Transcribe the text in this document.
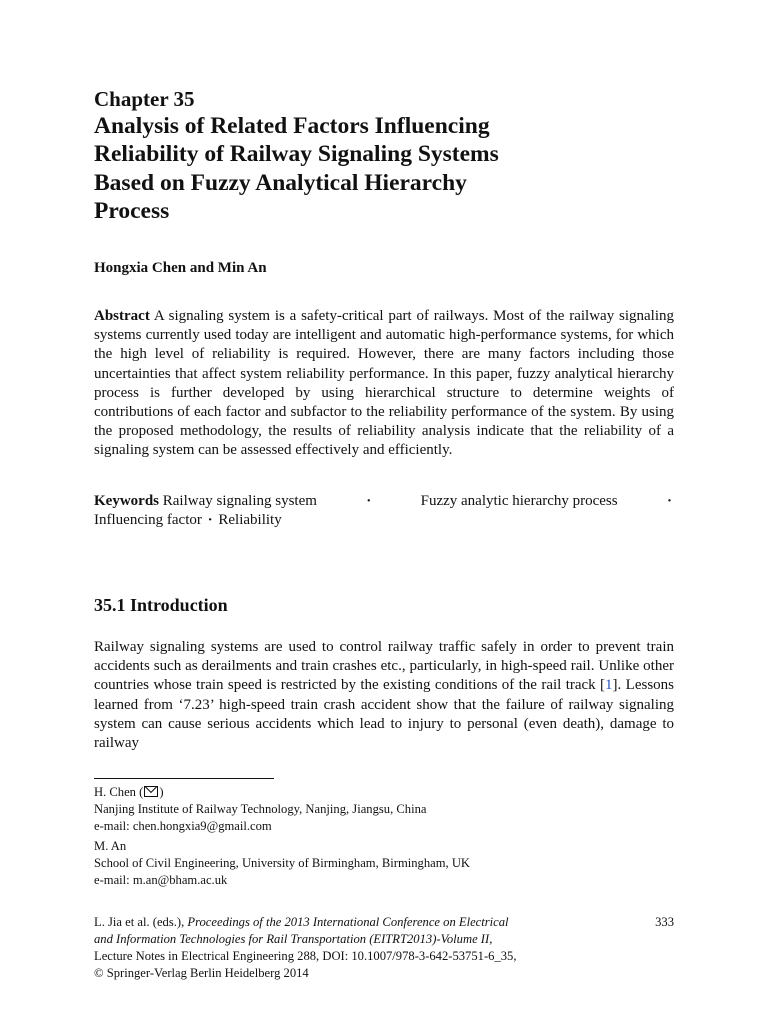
Chapter 35
Analysis of Related Factors Influencing
Reliability of Railway Signaling Systems
Based on Fuzzy Analytical Hierarchy
Process
Hongxia Chen and Min An
Abstract A signaling system is a safety-critical part of railways. Most of the railway signaling systems currently used today are intelligent and automatic high-performance systems, for which the high level of reliability is required. However, there are many factors including those uncertainties that affect system reliability performance. In this paper, fuzzy analytical hierarchy process is further developed by using hierarchical structure to determine weights of contributions of each factor and subfactor to the reliability performance of the system. By using the proposed methodology, the results of reliability analysis indicate that the reliability of a signaling system can be assessed effectively and efficiently.
Keywords Railway signaling system	·	Fuzzy analytic hierarchy process	·
Influencing factor · Reliability
35.1 Introduction
Railway signaling systems are used to control railway traffic safely in order to prevent train accidents such as derailments and train crashes etc., particularly, in high-speed rail. Unlike other countries whose train speed is restricted by the existing conditions of the rail track [1]. Lessons learned from ‘7.23’ high-speed train crash accident show that the failure of railway signaling system can cause serious accidents which lead to injury to personal (even death), damage to railway
H. Chen ( )
Nanjing Institute of Railway Technology, Nanjing, Jiangsu, China
e-mail: chen.hongxia9@gmail.com
M. An
School of Civil Engineering, University of Birmingham, Birmingham, UK
e-mail: m.an@bham.ac.uk
L. Jia et al. (eds.), Proceedings of the 2013 International Conference on Electrical
and Information Technologies for Rail Transportation (EITRT2013)-Volume II,
Lecture Notes in Electrical Engineering 288, DOI: 10.1007/978-3-642-53751-6_35,
© Springer-Verlag Berlin Heidelberg 2014
333
